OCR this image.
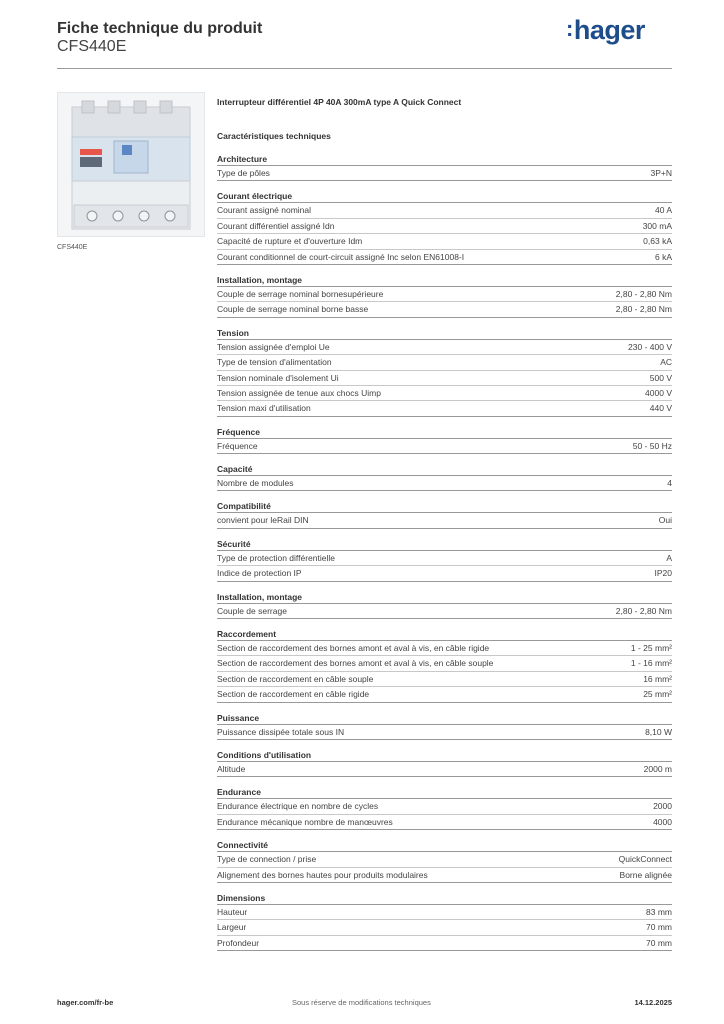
Fiche technique du produit
CFS440E
:hager
CFS440E
Interrupteur différentiel 4P 40A 300mA type A Quick Connect
Caractéristiques techniques
Architecture
Type de pôles	3P+N
Courant électrique
Courant assigné nominal	40 A
Courant différentiel assigné Idn	300 mA
Capacité de rupture et d'ouverture Idm	0,63 kA
Courant conditionnel de court-circuit assigné Inc selon EN61008-I	6 kA
Installation, montage
Couple de serrage nominal bornesupérieure	2,80 - 2,80 Nm
Couple de serrage nominal borne basse	2,80 - 2,80 Nm
Tension
Tension assignée d'emploi Ue	230 - 400 V
Type de tension d'alimentation	AC
Tension nominale d'isolement Ui	500 V
Tension assignée de tenue aux chocs Uimp	4000 V
Tension maxi d'utilisation	440 V
Fréquence
Fréquence	50 - 50 Hz
Capacité
Nombre de modules	4
Compatibilité
convient pour leRail DIN	Oui
Sécurité
Type de protection différentielle	A
Indice de protection IP	IP20
Installation, montage
Couple de serrage	2,80 - 2,80 Nm
Raccordement
Section de raccordement des bornes amont et aval à vis, en câble rigide	1 - 25 mm²
Section de raccordement des bornes amont et aval à vis, en câble souple	1 - 16 mm²
Section de raccordement en câble souple	16 mm²
Section de raccordement en câble rigide	25 mm²
Puissance
Puissance dissipée totale sous IN	8,10 W
Conditions d'utilisation
Altitude	2000 m
Endurance
Endurance électrique en nombre de cycles	2000
Endurance mécanique nombre de manœuvres	4000
Connectivité
Type de connection / prise	QuickConnect
Alignement des bornes hautes pour produits modulaires	Borne alignée
Dimensions
Hauteur	83 mm
Largeur	70 mm
Profondeur	70 mm
hager.com/fr-be	Sous réserve de modifications techniques	14.12.2025
